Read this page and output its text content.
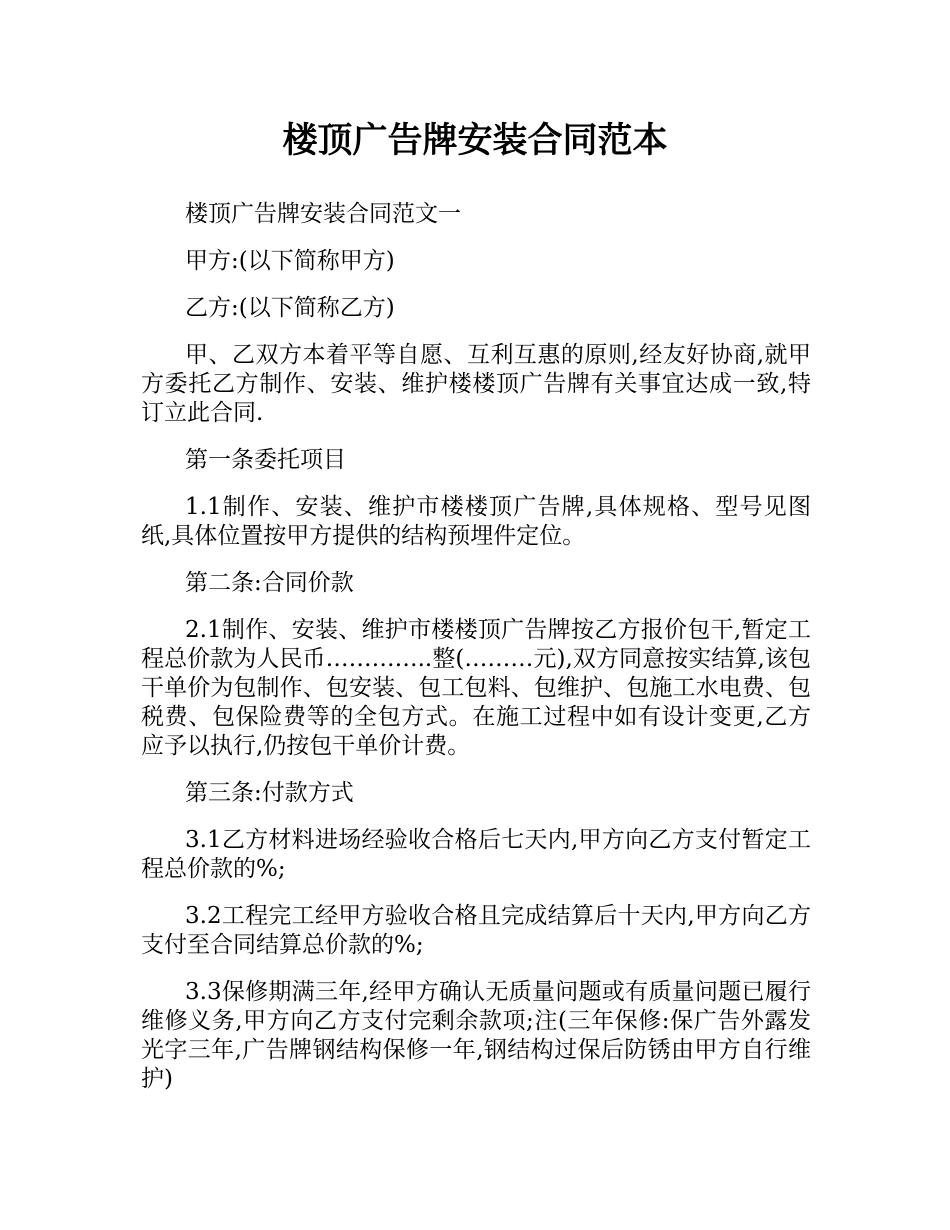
楼顶广告牌安装合同范本

楼顶广告牌安装合同范文一

甲方:(以下简称甲方)

乙方:(以下简称乙方)

甲、乙双方本着平等自愿、互利互惠的原则,经友好协商,就甲方委托乙方制作、安装、维护楼楼顶广告牌有关事宜达成一致,特订立此合同.

第一条委托项目

1.1制作、安装、维护市楼楼顶广告牌,具体规格、型号见图纸,具体位置按甲方提供的结构预埋件定位。

第二条:合同价款

2.1制作、安装、维护市楼楼顶广告牌按乙方报价包干,暂定工程总价款为人民币…………..整(………元),双方同意按实结算,该包干单价为包制作、包安装、包工包料、包维护、包施工水电费、包税费、包保险费等的全包方式。在施工过程中如有设计变更,乙方应予以执行,仍按包干单价计费。

第三条:付款方式

3.1乙方材料进场经验收合格后七天内,甲方向乙方支付暂定工程总价款的%;

3.2工程完工经甲方验收合格且完成结算后十天内,甲方向乙方支付至合同结算总价款的%;

3.3保修期满三年,经甲方确认无质量问题或有质量问题已履行维修义务,甲方向乙方支付完剩余款项;注(三年保修:保广告外露发光字三年,广告牌钢结构保修一年,钢结构过保后防锈由甲方自行维护)
